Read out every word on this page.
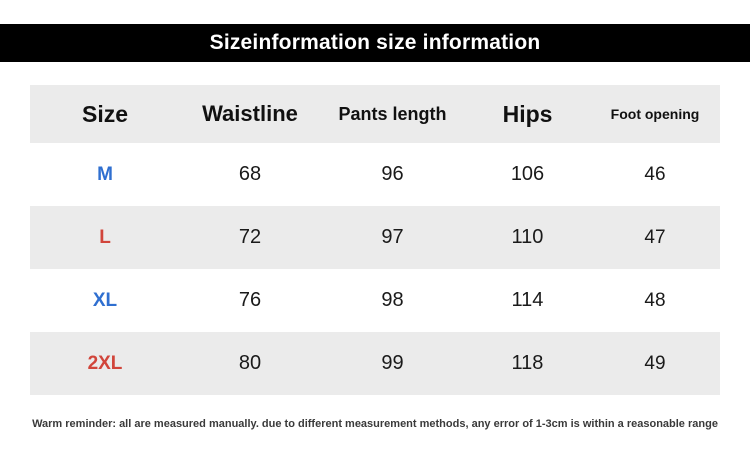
Sizeinformation size information
Size	Waistline	Pants length	Hips	Foot opening
M	68	96	106	46
L	72	97	110	47
XL	76	98	114	48
2XL	80	99	118	49
Warm reminder: all are measured manually. due to different measurement methods, any error of 1-3cm is within a reasonable range
